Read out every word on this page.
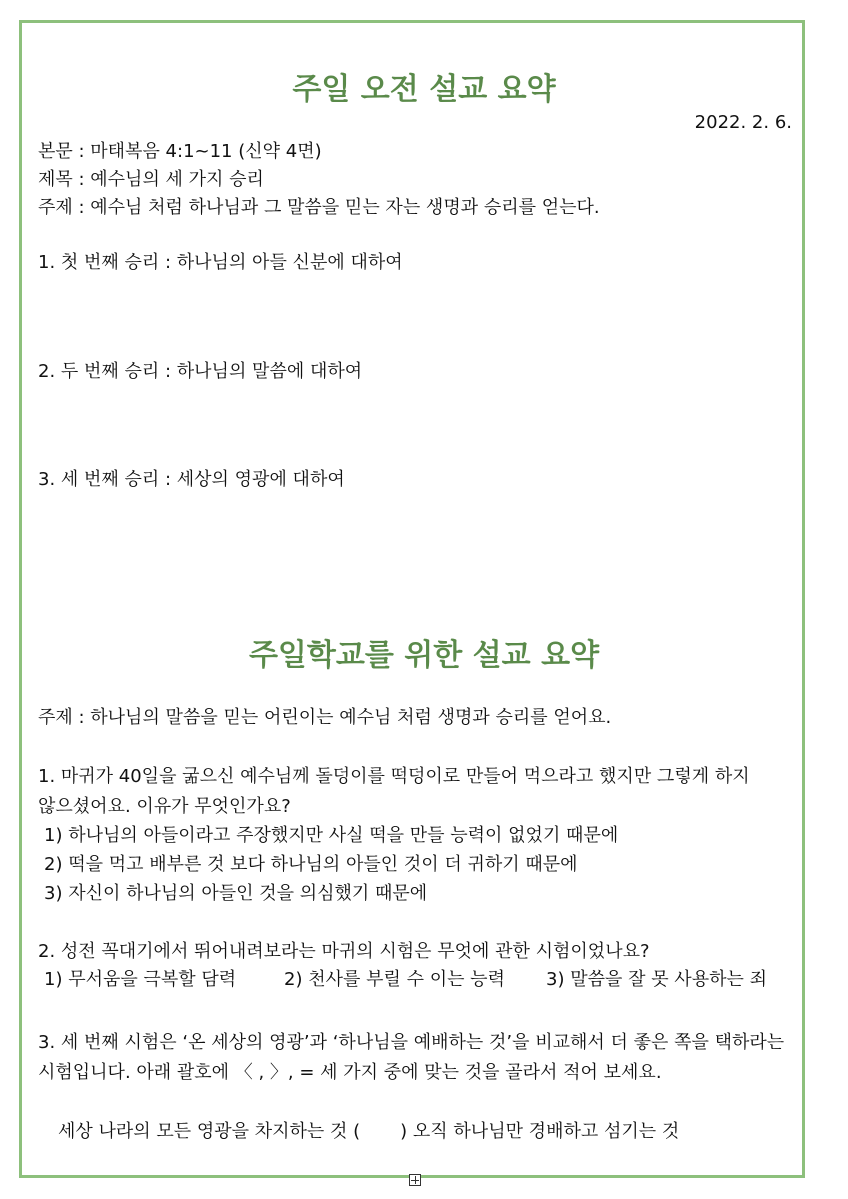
주일 오전 설교 요약
2022. 2. 6.

본문 : 마태복음 4:1~11 (신약 4면)

제목 : 예수님의 세 가지 승리

주제 : 예수님 처럼 하나님과 그 말씀을 믿는 자는 생명과 승리를 얻는다.

1. 첫 번째 승리 : 하나님의 아들 신분에 대하여

2. 두 번째 승리 : 하나님의 말씀에 대하여

3. 세 번째 승리 : 세상의 영광에 대하여

주일학교를 위한 설교 요약

주제 : 하나님의 말씀을 믿는 어린이는 예수님 처럼 생명과 승리를 얻어요.

1. 마귀가 40일을 굶으신 예수님께 돌덩이를 떡덩이로 만들어 먹으라고 했지만 그렇게 하지 않으셨어요. 이유가 무엇인가요?

1) 하나님의 아들이라고 주장했지만 사실 떡을 만들 능력이 없었기 때문에

2) 떡을 먹고 배부른 것 보다 하나님의 아들인 것이 더 귀하기 때문에

3) 자신이 하나님의 아들인 것을 의심했기 때문에

2. 성전 꼭대기에서 뛰어내려보라는 마귀의 시험은 무엇에 관한 시험이었나요?

1) 무서움을 극복할 담력	2) 천사를 부릴 수 이는 능력 3) 말씀을 잘 못 사용하는 죄

3. 세 번째 시험은 ‘온 세상의 영광’과 ‘하나님을 예배하는 것’을 비교해서 더 좋은 쪽을 택하라는 시험입니다. 아래 괄호에 〈 , 〉, = 세 가지 중에 맞는 것을 골라서 적어 보세요.

세상 나라의 모든 영광을 차지하는 것 ( ) 오직 하나님만 경배하고 섬기는 것
